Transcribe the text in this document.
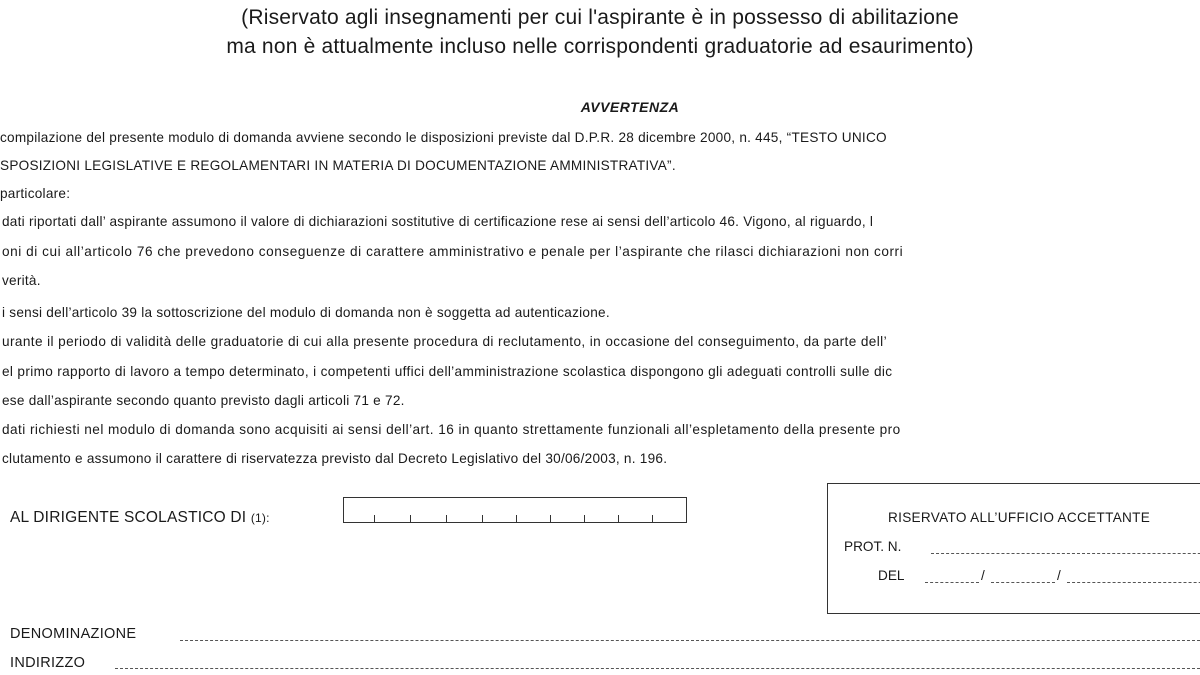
(Riservato agli insegnamenti per cui l'aspirante è in possesso di abilitazione
ma non è attualmente incluso nelle corrispondenti graduatorie ad esaurimento)
AVVERTENZA
compilazione del presente modulo di domanda avviene secondo le disposizioni previste dal D.P.R. 28 dicembre 2000, n. 445, “TESTO UNICO
SPOSIZIONI LEGISLATIVE E REGOLAMENTARI IN MATERIA DI DOCUMENTAZIONE AMMINISTRATIVA”.
particolare:
dati riportati dall’ aspirante assumono il valore di dichiarazioni sostitutive di certificazione rese ai sensi dell’articolo 46. Vigono, al riguardo, l
oni di cui all’articolo 76 che prevedono conseguenze di carattere amministrativo e penale per l’aspirante che rilasci dichiarazioni non corri
verità.
i sensi dell’articolo 39 la sottoscrizione del modulo di domanda non è soggetta ad autenticazione.
urante il periodo di validità delle graduatorie di cui alla presente procedura di reclutamento, in occasione del conseguimento, da parte dell’
el primo rapporto di lavoro a tempo determinato, i competenti uffici dell’amministrazione scolastica dispongono gli adeguati controlli sulle dic
ese dall’aspirante secondo quanto previsto dagli articoli 71 e 72.
dati richiesti nel modulo di domanda sono acquisiti ai sensi dell’art. 16 in quanto strettamente funzionali all’espletamento della presente pro
clutamento e assumono il carattere di riservatezza previsto dal Decreto Legislativo del 30/06/2003, n. 196.
AL DIRIGENTE SCOLASTICO DI (1):	RISERVATO ALL’UFFICIO ACCETTANTE
PROT. N.
DEL	/	/
DENOMINAZIONE
INDIRIZZO
